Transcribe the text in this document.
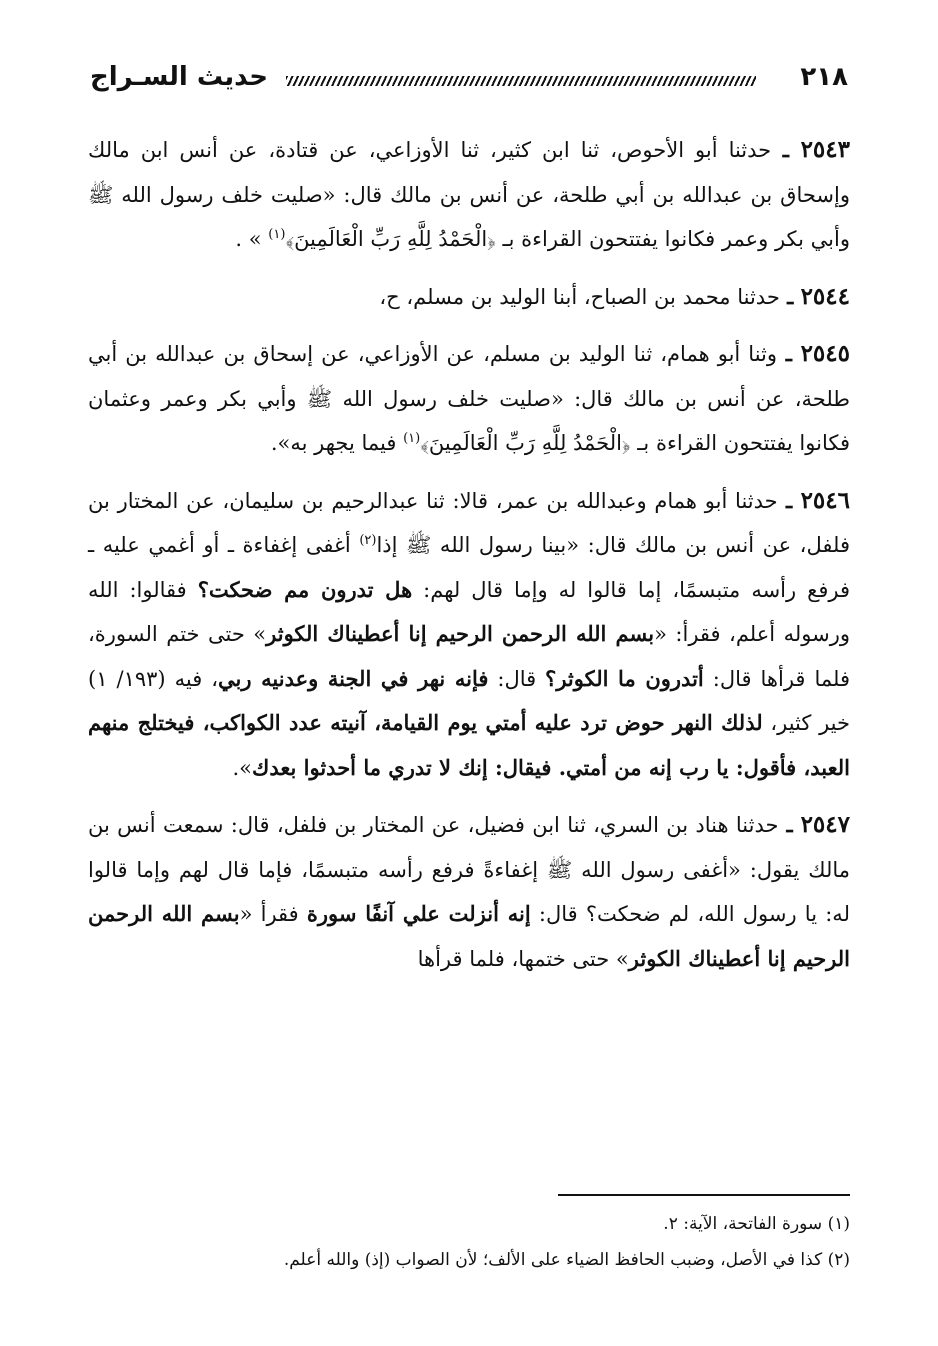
٢١٨
حديث السـراج

٢٥٤٣ ـ حدثنا أبو الأحوص، ثنا ابن كثير، ثنا الأوزاعي، عن قتادة، عن أنس ابن مالك وإسحاق بن عبدالله بن أبي طلحة، عن أنس بن مالك قال: «صليت خلف رسول الله ﷺ وأبي بكر وعمر فكانوا يفتتحون القراءة بـ ﴿الْحَمْدُ لِلَّهِ رَبِّ الْعَالَمِينَ﴾$^{(١)}$ » .

٢٥٤٤ ـ حدثنا محمد بن الصباح، أبنا الوليد بن مسلم، ح،

٢٥٤٥ ـ وثنا أبو همام، ثنا الوليد بن مسلم، عن الأوزاعي، عن إسحاق بن عبدالله بن أبي طلحة، عن أنس بن مالك قال: «صليت خلف رسول الله ﷺ وأبي بكر وعمر وعثمان فكانوا يفتتحون القراءة بـ ﴿الْحَمْدُ لِلَّهِ رَبِّ الْعَالَمِينَ﴾$^{(١)}$ فيما يجهر به».

٢٥٤٦ ـ حدثنا أبو همام وعبدالله بن عمر، قالا: ثنا عبدالرحيم بن سليمان، عن المختار بن فلفل، عن أنس بن مالك قال: «بينا رسول الله ﷺ إذا$^{(٢)}$ أغفى إغفاءة ـ أو أغمي عليه ـ فرفع رأسه متبسمًا، إما قالوا له وإما قال لهم: هل تدرون مم ضحكت؟ فقالوا: الله ورسوله أعلم، فقرأ: «بسم الله الرحمن الرحيم إنا أعطيناك الكوثر» حتى ختم السورة، فلما قرأها قال: أتدرون ما الكوثر؟ قال: فإنه نهر في الجنة وعدنيه ربي، فيه (١٩٣/ ١) خير كثير، لذلك النهر حوض ترد عليه أمتي يوم القيامة، آنيته عدد الكواكب، فيختلج منهم العبد، فأقول: يا رب إنه من أمتي. فيقال: إنك لا تدري ما أحدثوا بعدك».

٢٥٤٧ ـ حدثنا هناد بن السري، ثنا ابن فضيل، عن المختار بن فلفل، قال: سمعت أنس بن مالك يقول: «أغفى رسول الله ﷺ إغفاءةً فرفع رأسه متبسمًا، فإما قال لهم وإما قالوا له: يا رسول الله، لم ضحكت؟ قال: إنه أنزلت علي آنفًا سورة فقرأ «بسم الله الرحمن الرحيم إنا أعطيناك الكوثر» حتى ختمها، فلما قرأها

(١) سورة الفاتحة، الآية: ٢.

(٢) كذا في الأصل، وضبب الحافظ الضياء على الألف؛ لأن الصواب (إذ) والله أعلم.
